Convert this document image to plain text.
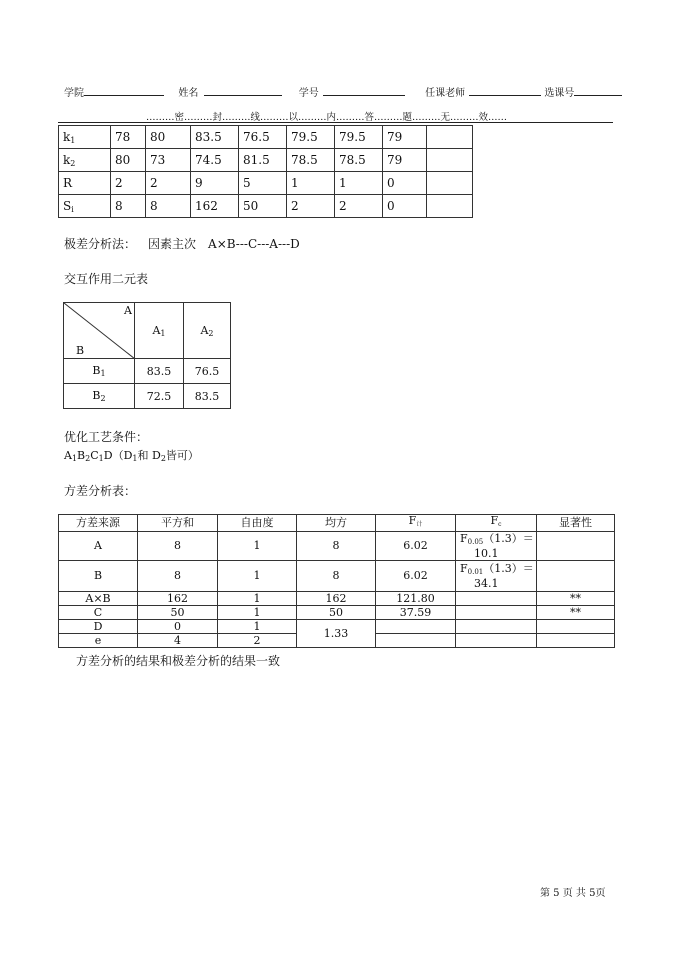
学院	姓名	学号	任课老师	选课号
………密………封………线………以………内………答………题………无………效……
$k_1$	78	80	83.5	76.5	79.5	79.5	79	
$k_2$	80	73	74.5	81.5	78.5	78.5	79	
R	2	2	9	5	1	1	0	
$S_i$	8	8	162	50	2	2	0	
极差分析法： 因素主次 A×B---C---A---D
交互作用二元表
A
B	$A_1$	$A_2$
$B_1$	83.5	76.5
$B_2$	72.5	83.5
优化工艺条件：
$A_1B_2C_1D(D_1$和 $D_2$皆可）
方差分析表：
方差来源	平方和	自由度	均方	$F_计$	$F_c$	显著性
A	8	1	8	6.02	$F_{0.05}(1.3)=$
10.1	
B	8	1	8	6.02	$F_{0.01}(1.3)=$
34.1	
A×B	162	1	162	121.80		**
C	50	1	50	37.59		**
D	0	1	1.33			
e	4	2				
方差分析的结果和极差分析的结果一致
第 5 页 共 5页
